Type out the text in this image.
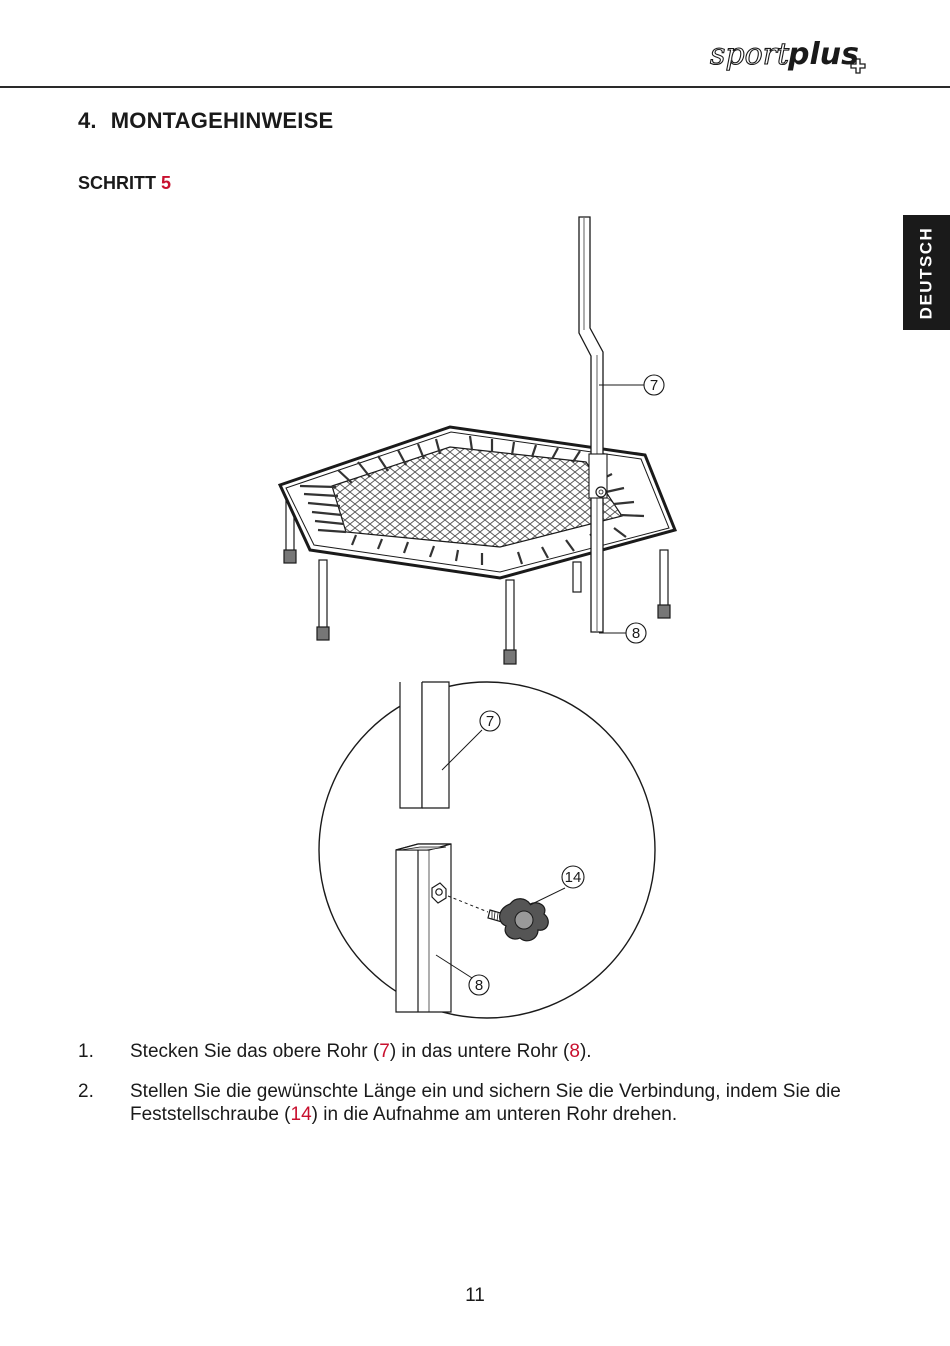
sport
plus
4. MONTAGEHINWEISE
SCHRITT 5
DEUTSCH
7
8
7
14
8
1. Stecken Sie das obere Rohr (7) in das untere Rohr (8).
2. Stellen Sie die gewünschte Länge ein und sichern Sie die Verbindung, indem Sie die Feststellschraube (14) in die Aufnahme am unteren Rohr drehen.
11
